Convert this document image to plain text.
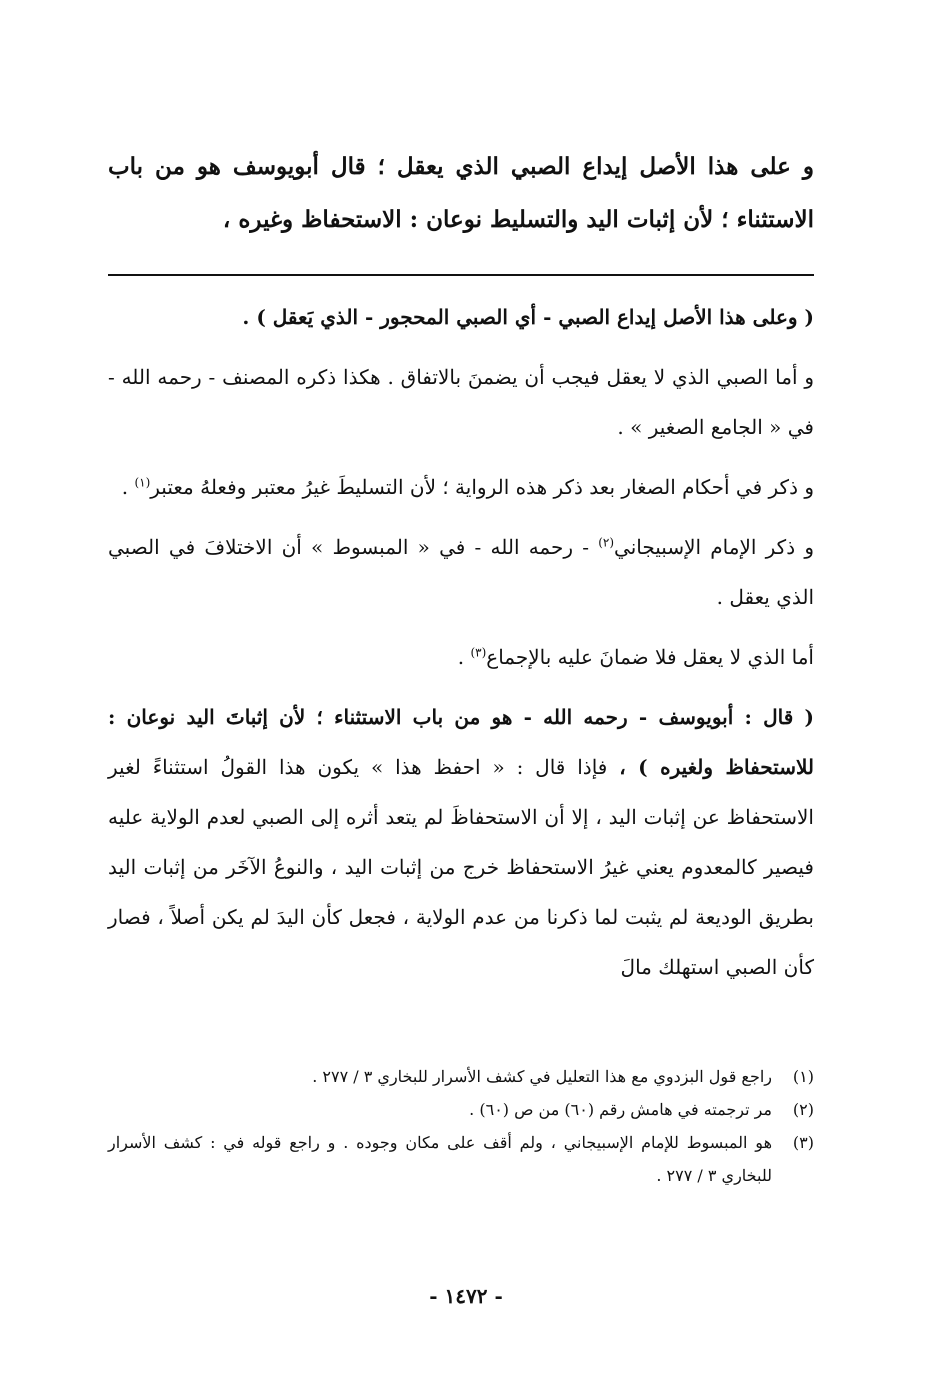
و على هذا الأصل إيداع الصبي الذي يعقل ؛ قال أبويوسف هو من باب الاستثناء ؛ لأن إثبات اليد والتسليط نوعان : الاستحفاظ وغيره ،

( وعلى هذا الأصل إيداع الصبي - أي الصبي المحجور - الذي يَعقل ) .

و أما الصبي الذي لا يعقل فيجب أن يضمنَ بالاتفاق . هكذا ذكره المصنف - رحمه الله - في « الجامع الصغير » .

و ذكر في أحكام الصغار بعد ذكر هذه الرواية ؛ لأن التسليطَ غيرُ معتبر وفعلهُ معتبر$^{(١)}$ .

و ذكر الإمام الإسبيجاني$^{(٢)}$ - رحمه الله - في « المبسوط » أن الاختلافَ في الصبي الذي يعقل .

أما الذي لا يعقل فلا ضمانَ عليه بالإجماع$^{(٣)}$ .

( قال : أبويوسف - رحمه الله - هو من باب الاستثناء ؛ لأن إثباتَ اليد نوعان : للاستحفاظ ولغيره ) ، فإذا قال : « احفظ هذا » يكون هذا القولُ استثناءً لغير الاستحفاظ عن إثبات اليد ، إلا أن الاستحفاظَ لم يتعد أثره إلى الصبي لعدم الولاية عليه فيصير كالمعدوم يعني غيرُ الاستحفاظ خرج من إثبات اليد ، والنوعُ الآخَر من إثبات اليد بطريق الوديعة لم يثبت لما ذكرنا من عدم الولاية ، فجعل كأن اليدَ لم يكن أصلاً ، فصار كأن الصبي استهلك مالَ

(١)
راجع قول البزدوي مع هذا التعليل في كشف الأسرار للبخاري ٣ / ٢٧٧ .
(٢)
مر ترجمته في هامش رقم (٦٠) من ص (٦٠) .
(٣)
هو المبسوط للإمام الإسبيجاني ، ولم أقف على مكان وجوده . و راجع قوله في : كشف الأسرار للبخاري ٣ / ٢٧٧ .
- ١٤٧٢ -
